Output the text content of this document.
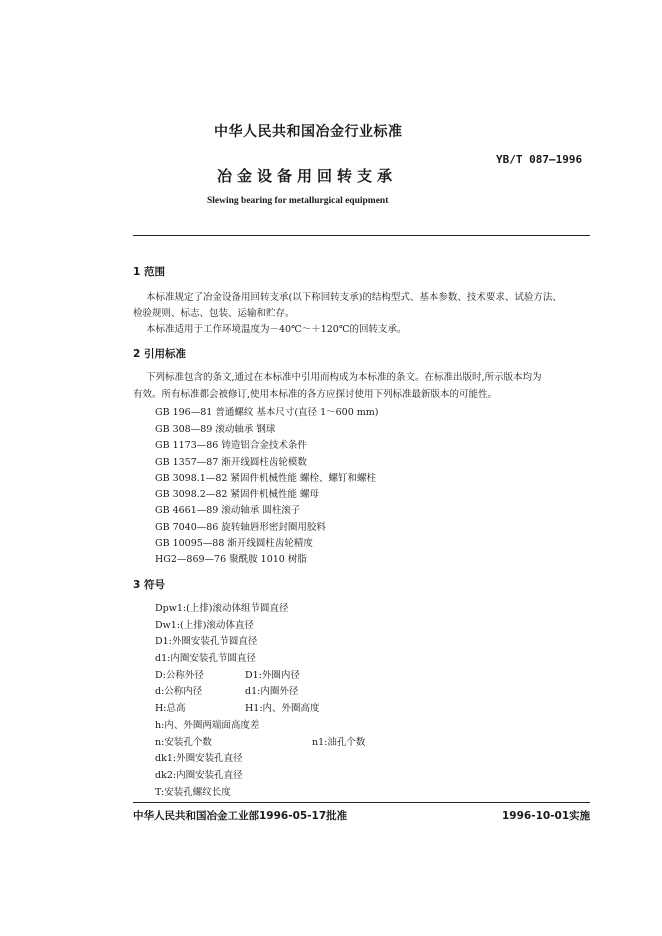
中华人民共和国冶金行业标准
YB/T 087—1996
冶金设备用回转支承
Slewing bearing for metallurgical equipment
1 范围
本标准规定了冶金设备用回转支承(以下称回转支承)的结构型式、基本参数、技术要求、试验方法、
检验规则、标志、包装、运输和贮存。
本标准适用于工作环境温度为－40℃～＋120℃的回转支承。
2 引用标准
下列标准包含的条文,通过在本标准中引用而构成为本标准的条文。在标准出版时,所示版本均为
有效。所有标准都会被修订,使用本标准的各方应探讨使用下列标准最新版本的可能性。
GB 196—81 普通螺纹 基本尺寸(直径 1～600 mm)
GB 308—89 滚动轴承 钢球
GB 1173—86 铸造铝合金技术条件
GB 1357—87 渐开线圆柱齿轮模数
GB 3098.1—82 紧固件机械性能 螺栓、螺钉和螺柱
GB 3098.2—82 紧固件机械性能 螺母
GB 4661—89 滚动轴承 圆柱滚子
GB 7040—86 旋转轴唇形密封圈用胶料
GB 10095—88 渐开线圆柱齿轮精度
HG2—869—76 聚酰胺 1010 树脂
3 符号
Dpw1:(上排)滚动体组节圆直径
Dw1:(上排)滚动体直径
D1:外圈安装孔节圆直径
d1:内圈安装孔节圆直径
D:公称外径	D1:外圈内径
d:公称内径	d1:内圈外径
H:总高	H1:内、外圈高度
h:内、外圈两端面高度差
n:安装孔个数	n1:油孔个数
dk1:外圈安装孔直径
dk2:内圈安装孔直径
T:安装孔螺纹长度
中华人民共和国冶金工业部1996-05-17批准	1996-10-01实施
